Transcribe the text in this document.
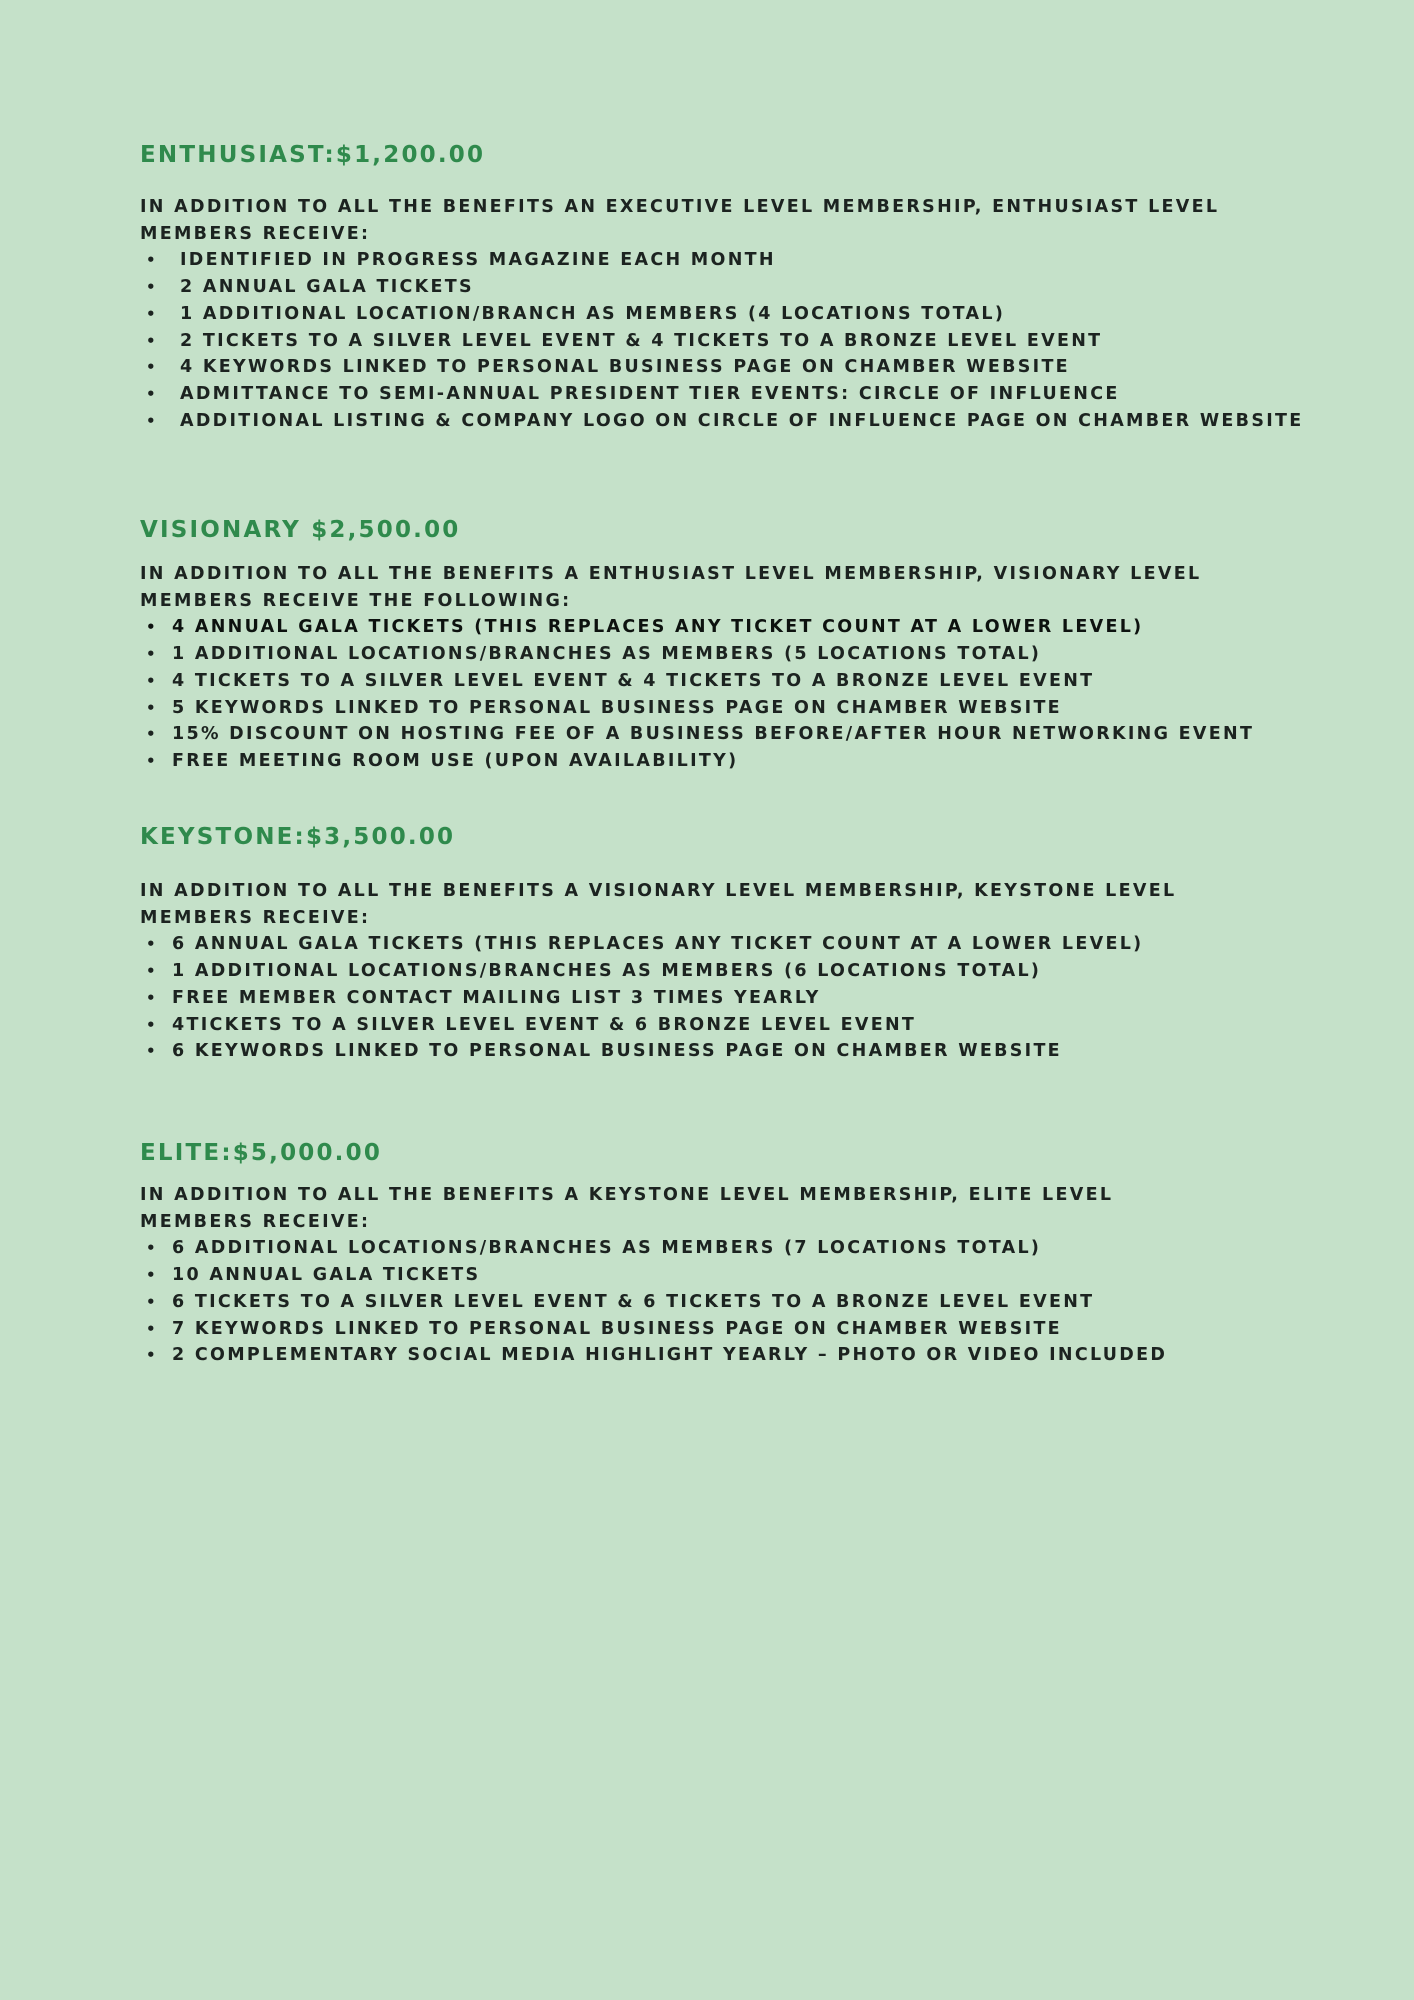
ENTHUSIAST:$1,200.00

IN ADDITION TO ALL THE BENEFITS AN EXECUTIVE LEVEL MEMBERSHIP, ENTHUSIAST LEVEL
MEMBERS RECEIVE:

• IDENTIFIED IN PROGRESS MAGAZINE EACH MONTH
• 2 ANNUAL GALA TICKETS
• 1 ADDITIONAL LOCATION/BRANCH AS MEMBERS (4 LOCATIONS TOTAL)
• 2 TICKETS TO A SILVER LEVEL EVENT & 4 TICKETS TO A BRONZE LEVEL EVENT
• 4 KEYWORDS LINKED TO PERSONAL BUSINESS PAGE ON CHAMBER WEBSITE
• ADMITTANCE TO SEMI-ANNUAL PRESIDENT TIER EVENTS: CIRCLE OF INFLUENCE
• ADDITIONAL LISTING & COMPANY LOGO ON CIRCLE OF INFLUENCE PAGE ON CHAMBER WEBSITE
VISIONARY $2,500.00

IN ADDITION TO ALL THE BENEFITS A ENTHUSIAST LEVEL MEMBERSHIP, VISIONARY LEVEL
MEMBERS RECEIVE THE FOLLOWING:

• 4 ANNUAL GALA TICKETS (THIS REPLACES ANY TICKET COUNT AT A LOWER LEVEL)
• 1 ADDITIONAL LOCATIONS/BRANCHES AS MEMBERS (5 LOCATIONS TOTAL)
• 4 TICKETS TO A SILVER LEVEL EVENT & 4 TICKETS TO A BRONZE LEVEL EVENT
• 5 KEYWORDS LINKED TO PERSONAL BUSINESS PAGE ON CHAMBER WEBSITE
• 15% DISCOUNT ON HOSTING FEE OF A BUSINESS BEFORE/AFTER HOUR NETWORKING EVENT
• FREE MEETING ROOM USE (UPON AVAILABILITY)
KEYSTONE:$3,500.00

IN ADDITION TO ALL THE BENEFITS A VISIONARY LEVEL MEMBERSHIP, KEYSTONE LEVEL
MEMBERS RECEIVE:

• 6 ANNUAL GALA TICKETS (THIS REPLACES ANY TICKET COUNT AT A LOWER LEVEL)
• 1 ADDITIONAL LOCATIONS/BRANCHES AS MEMBERS (6 LOCATIONS TOTAL)
• FREE MEMBER CONTACT MAILING LIST 3 TIMES YEARLY
• 4TICKETS TO A SILVER LEVEL EVENT & 6 BRONZE LEVEL EVENT
• 6 KEYWORDS LINKED TO PERSONAL BUSINESS PAGE ON CHAMBER WEBSITE
ELITE:$5,000.00

IN ADDITION TO ALL THE BENEFITS A KEYSTONE LEVEL MEMBERSHIP, ELITE LEVEL
MEMBERS RECEIVE:

• 6 ADDITIONAL LOCATIONS/BRANCHES AS MEMBERS (7 LOCATIONS TOTAL)
• 10 ANNUAL GALA TICKETS
• 6 TICKETS TO A SILVER LEVEL EVENT & 6 TICKETS TO A BRONZE LEVEL EVENT
• 7 KEYWORDS LINKED TO PERSONAL BUSINESS PAGE ON CHAMBER WEBSITE
• 2 COMPLEMENTARY SOCIAL MEDIA HIGHLIGHT YEARLY – PHOTO OR VIDEO INCLUDED
